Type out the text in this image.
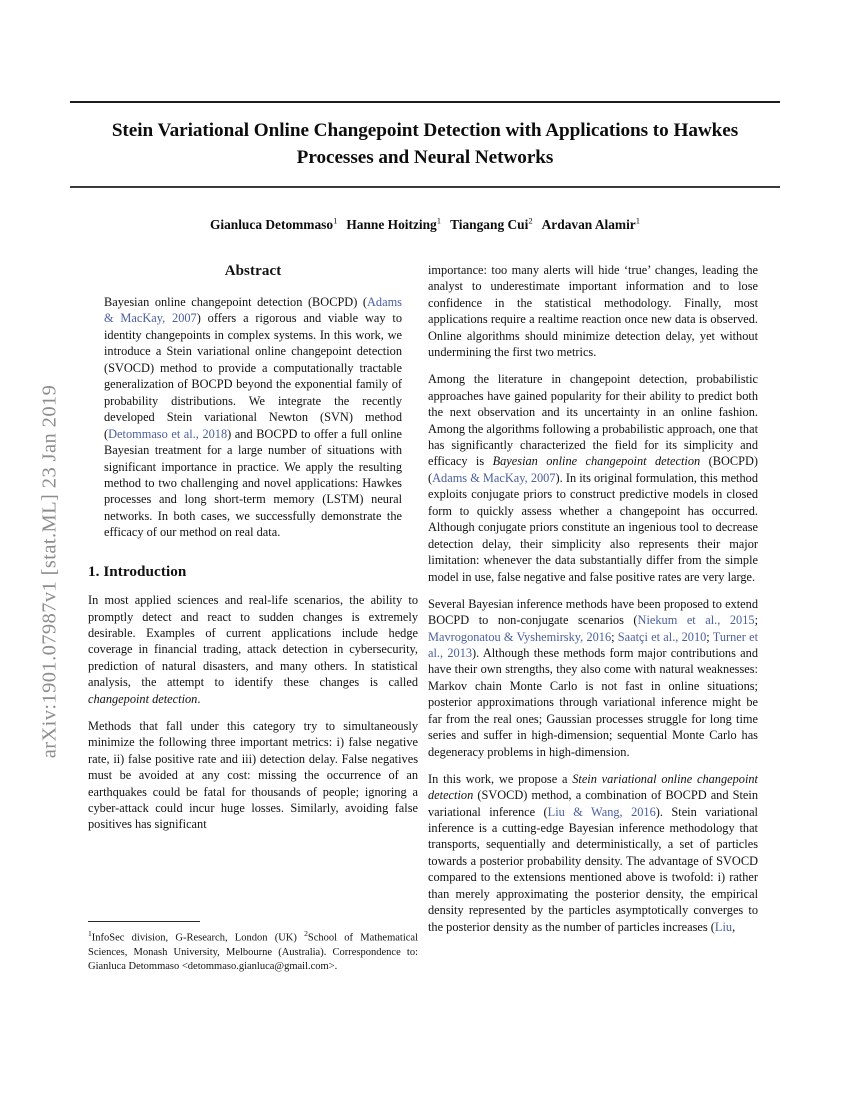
arXiv:1901.07987v1 [stat.ML] 23 Jan 2019
Stein Variational Online Changepoint Detection with Applications to Hawkes Processes and Neural Networks
Gianluca Detommaso$^1$ Hanne Hoitzing$^1$ Tiangang Cui$^2$ Ardavan Alamir$^1$
Abstract

Bayesian online changepoint detection (BOCPD) (Adams & MacKay, 2007) offers a rigorous and viable way to identity changepoints in complex systems. In this work, we introduce a Stein variational online changepoint detection (SVOCD) method to provide a computationally tractable generalization of BOCPD beyond the exponential family of probability distributions. We integrate the recently developed Stein variational Newton (SVN) method (Detommaso et al., 2018) and BOCPD to offer a full online Bayesian treatment for a large number of situations with significant importance in practice. We apply the resulting method to two challenging and novel applications: Hawkes processes and long short-term memory (LSTM) neural networks. In both cases, we successfully demonstrate the efficacy of our method on real data.

1. Introduction

In most applied sciences and real-life scenarios, the ability to promptly detect and react to sudden changes is extremely desirable. Examples of current applications include hedge coverage in financial trading, attack detection in cybersecurity, prediction of natural disasters, and many others. In statistical analysis, the attempt to identify these changes is called changepoint detection.

Methods that fall under this category try to simultaneously minimize the following three important metrics: i) false negative rate, ii) false positive rate and iii) detection delay. False negatives must be avoided at any cost: missing the occurrence of an earthquakes could be fatal for thousands of people; ignoring a cyber-attack could incur huge losses. Similarly, avoiding false positives has significant

importance: too many alerts will hide ‘true’ changes, leading the analyst to underestimate important information and to lose confidence in the statistical methodology. Finally, most applications require a realtime reaction once new data is observed. Online algorithms should minimize detection delay, yet without undermining the first two metrics.

Among the literature in changepoint detection, probabilistic approaches have gained popularity for their ability to predict both the next observation and its uncertainty in an online fashion. Among the algorithms following a probabilistic approach, one that has significantly characterized the field for its simplicity and efficacy is Bayesian online changepoint detection (BOCPD) (Adams & MacKay, 2007). In its original formulation, this method exploits conjugate priors to construct predictive models in closed form to quickly assess whether a changepoint has occurred. Although conjugate priors constitute an ingenious tool to decrease detection delay, their simplicity also represents their major limitation: whenever the data substantially differ from the simple model in use, false negative and false positive rates are very large.

Several Bayesian inference methods have been proposed to extend BOCPD to non-conjugate scenarios (Niekum et al., 2015; Mavrogonatou & Vyshemirsky, 2016; Saatçi et al., 2010; Turner et al., 2013). Although these methods form major contributions and have their own strengths, they also come with natural weaknesses: Markov chain Monte Carlo is not fast in online situations; posterior approximations through variational inference might be far from the real ones; Gaussian processes struggle for long time series and suffer in high-dimension; sequential Monte Carlo has degeneracy problems in high-dimension.

In this work, we propose a Stein variational online changepoint detection (SVOCD) method, a combination of BOCPD and Stein variational inference (Liu & Wang, 2016). Stein variational inference is a cutting-edge Bayesian inference methodology that transports, sequentially and deterministically, a set of particles towards a posterior probability density. The advantage of SVOCD compared to the extensions mentioned above is twofold: i) rather than merely approximating the posterior density, the empirical density represented by the particles asymptotically converges to the posterior density as the number of particles increases (Liu,

$^1$InfoSec division, G-Research, London (UK) $^2$School of Mathematical Sciences, Monash University, Melbourne (Australia). Correspondence to: Gianluca Detommaso <detommaso.gianluca@gmail.com>.
